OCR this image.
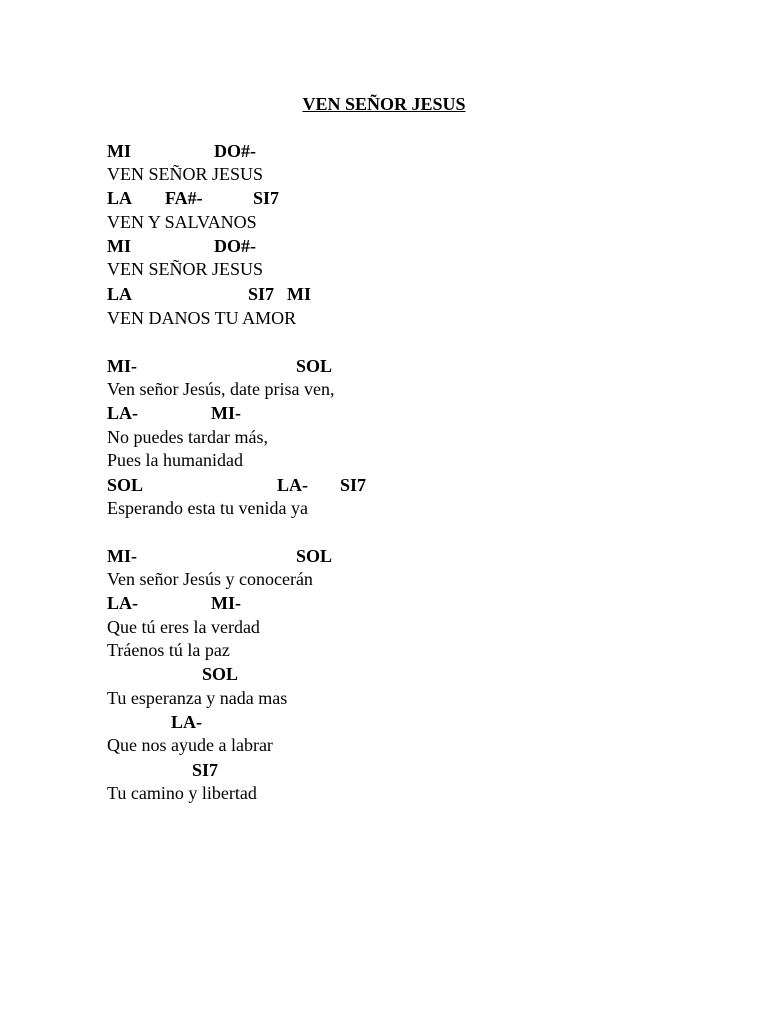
VEN SEÑOR JESUS
MI	DO#-
VEN SEÑOR JESUS
LA FA#-	SI7
VEN Y SALVANOS
MI	DO#-
VEN SEÑOR JESUS
LA	SI7 MI
VEN DANOS TU AMOR
MI-	SOL
Ven señor Jesús, date prisa ven,
LA-	MI-
No puedes tardar más,
Pues la humanidad
SOL	LA- SI7
Esperando esta tu venida ya
MI-	SOL
Ven señor Jesús y conocerán
LA-	MI-
Que tú eres la verdad
Tráenos tú la paz
SOL
Tu esperanza y nada mas
LA-
Que nos ayude a labrar
SI7
Tu camino y libertad
